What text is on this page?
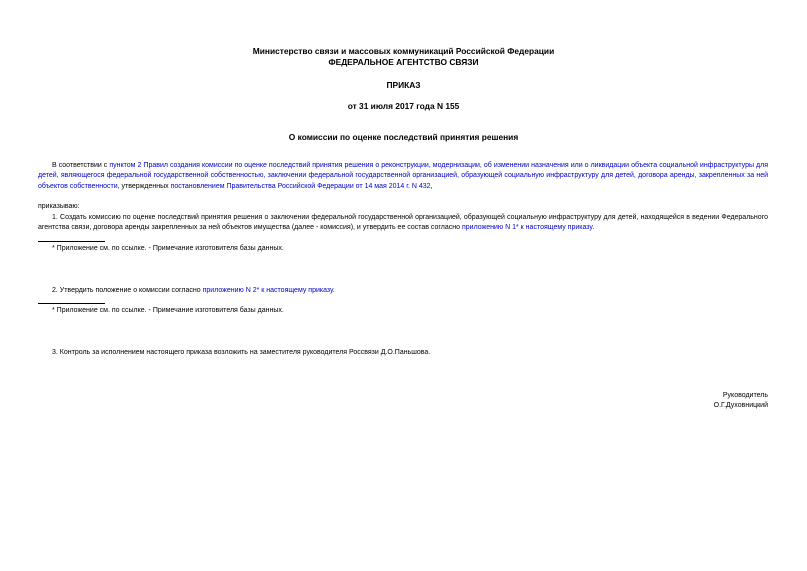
Министерство связи и массовых коммуникаций Российской Федерации
ФЕДЕРАЛЬНОЕ АГЕНТСТВО СВЯЗИ
ПРИКАЗ
от 31 июля 2017 года N 155
О комиссии по оценке последствий принятия решения
В соответствии с пунктом 2 Правил создания комиссии по оценке последствий принятия решения о реконструкции, модернизации, об изменении назначения или о ликвидации объекта социальной инфраструктуры для детей, являющегося федеральной государственной собственностью, заключении федеральной государственной организацией, образующей социальную инфраструктуру для детей, договора аренды, закрепленных за ней объектов собственности, утвержденных постановлением Правительства Российской Федерации от 14 мая 2014 г. N 432,
приказываю:
1. Создать комиссию по оценке последствий принятия решения о заключении федеральной государственной организацией, образующей социальную инфраструктуру для детей, находящейся в ведении Федерального агентства связи, договора аренды закрепленных за ней объектов имущества (далее - комиссия), и утвердить ее состав согласно приложению N 1* к настоящему приказу.
* Приложение см. по ссылке. - Примечание изготовителя базы данных.
2. Утвердить положение о комиссии согласно приложению N 2* к настоящему приказу.
* Приложение см. по ссылке. - Примечание изготовителя базы данных.
3. Контроль за исполнением настоящего приказа возложить на заместителя руководителя Россвязи Д.О.Паньшова.
Руководитель
О.Г.Духовницкий
